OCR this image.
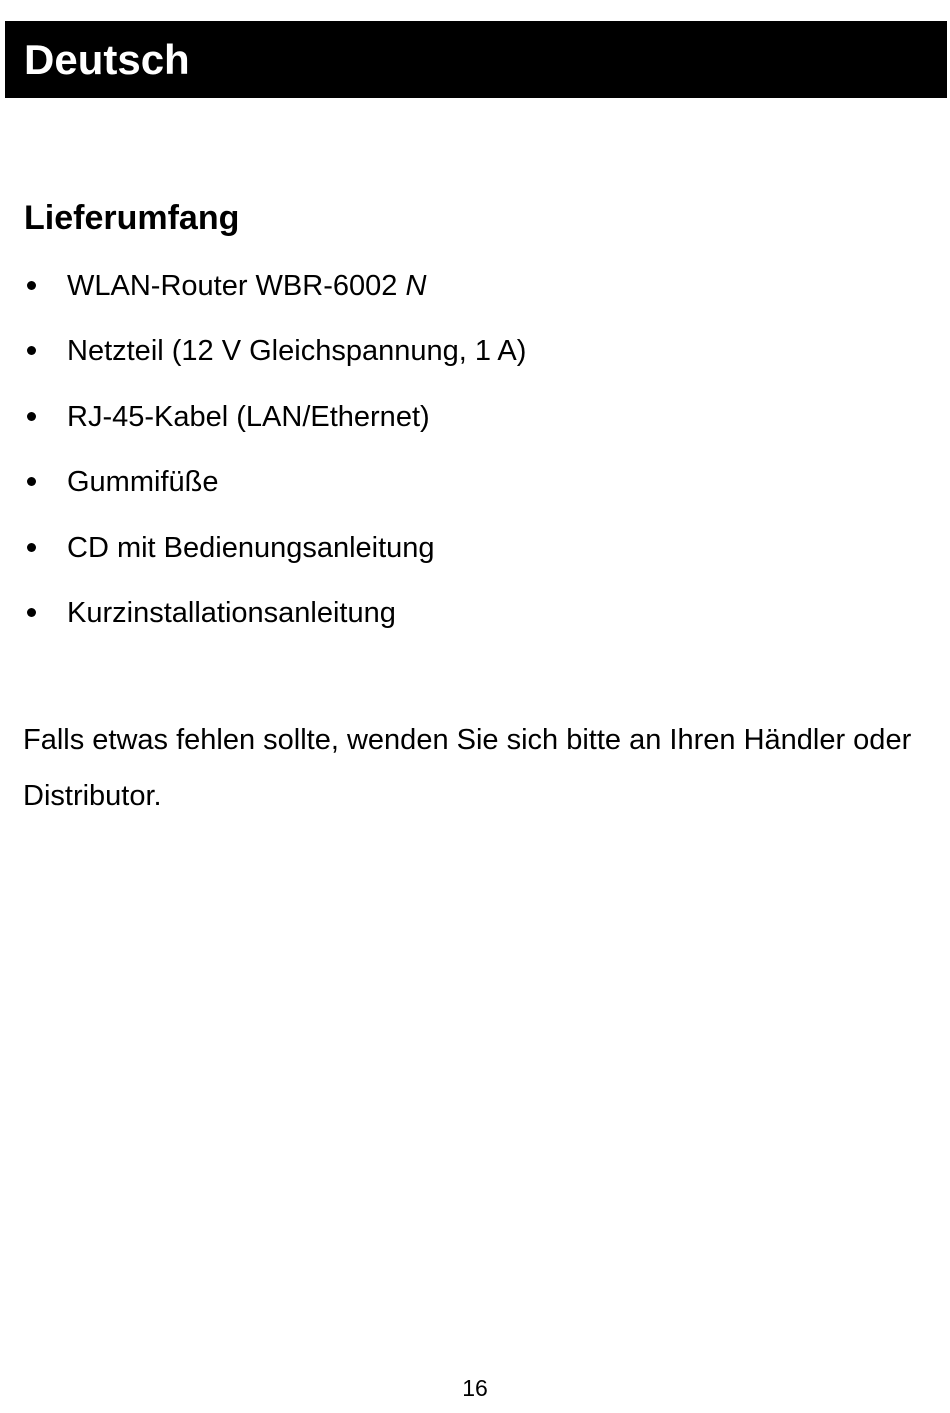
Deutsch
Lieferumfang
WLAN-Router WBR-6002 N
Netzteil (12 V Gleichspannung, 1 A)
RJ-45-Kabel (LAN/Ethernet)
Gummifüße
CD mit Bedienungsanleitung
Kurzinstallationsanleitung

Falls etwas fehlen sollte, wenden Sie sich bitte an Ihren Händler oder Distributor.

16
